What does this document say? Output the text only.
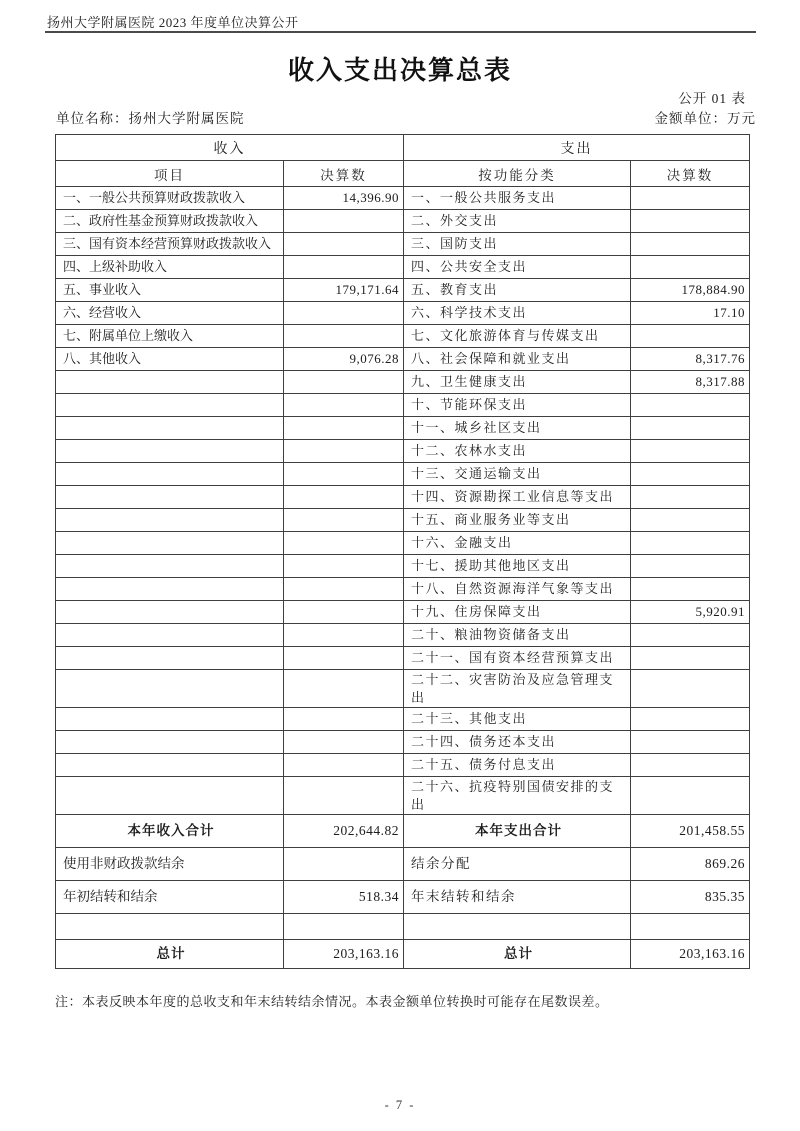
扬州大学附属医院 2023 年度单位决算公开
收入支出决算总表
公开 01 表
单位名称：扬州大学附属医院	金额单位：万元
收入		支出	
项目	决算数	按功能分类	决算数
一、一般公共预算财政拨款收入	14,396.90	一、一般公共服务支出	
二、政府性基金预算财政拨款收入		二、外交支出	
三、国有资本经营预算财政拨款收入		三、国防支出	
四、上级补助收入		四、公共安全支出	
五、事业收入	179,171.64	五、教育支出	178,884.90
六、经营收入		六、科学技术支出	17.10
七、附属单位上缴收入		七、文化旅游体育与传媒支出	
八、其他收入	9,076.28	八、社会保障和就业支出	8,317.76
		九、卫生健康支出	8,317.88
		十、节能环保支出	
		十一、城乡社区支出	
		十二、农林水支出	
		十三、交通运输支出	
		十四、资源勘探工业信息等支出	
		十五、商业服务业等支出	
		十六、金融支出	
		十七、援助其他地区支出	
		十八、自然资源海洋气象等支出	
		十九、住房保障支出	5,920.91
		二十、粮油物资储备支出	
		二十一、国有资本经营预算支出	
		二十二、灾害防治及应急管理支出	
		二十三、其他支出	
		二十四、债务还本支出	
		二十五、债务付息支出	
		二十六、抗疫特别国债安排的支出	
本年收入合计	202,644.82	本年支出合计	201,458.55
使用非财政拨款结余		结余分配	869.26
年初结转和结余	518.34	年末结转和结余	835.35

总计	203,163.16	总计	203,163.16
注：本表反映本年度的总收支和年末结转结余情况。本表金额单位转换时可能存在尾数误差。
- 7 -
